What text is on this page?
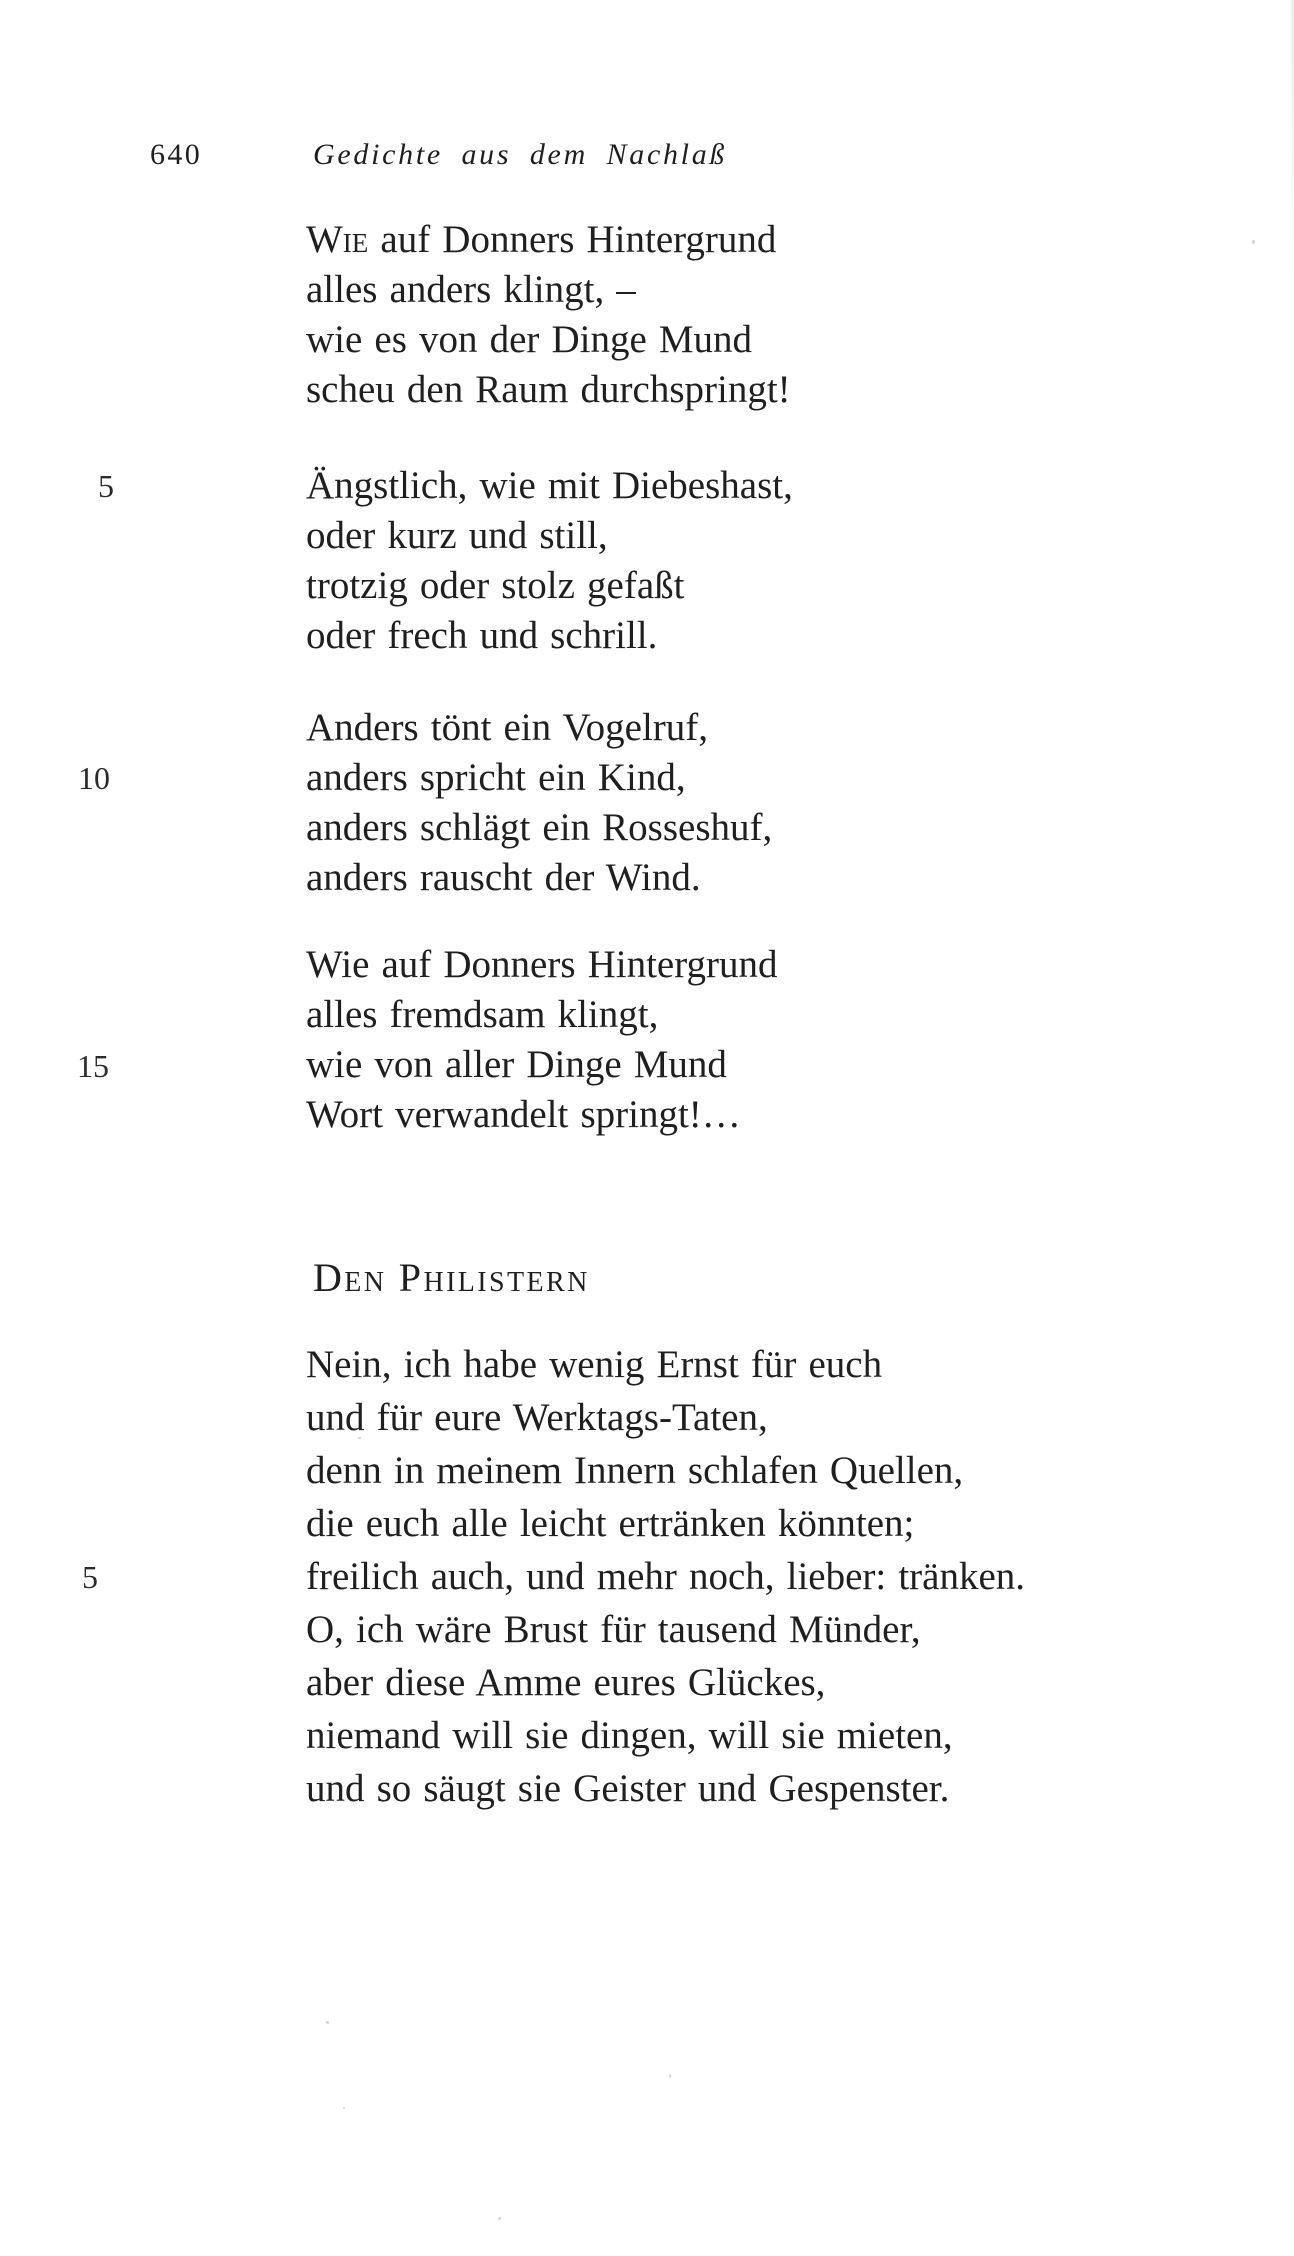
640	Gedichte aus dem Nachlaß
5
10
15
5
Wie auf Donners Hintergrund
alles anders klingt, –
wie es von der Dinge Mund
scheu den Raum durchspringt!
Ängstlich, wie mit Diebeshast,
oder kurz und still,
trotzig oder stolz gefaßt
oder frech und schrill.
Anders tönt ein Vogelruf,
anders spricht ein Kind,
anders schlägt ein Rosseshuf,
anders rauscht der Wind.
Wie auf Donners Hintergrund
alles fremdsam klingt,
wie von aller Dinge Mund
Wort verwandelt springt!…
Den Philistern
Nein, ich habe wenig Ernst für euch
und für eure Werktags-Taten,
denn in meinem Innern schlafen Quellen,
die euch alle leicht ertränken könnten;
freilich auch, und mehr noch, lieber: tränken.
O, ich wäre Brust für tausend Münder,
aber diese Amme eures Glückes,
niemand will sie dingen, will sie mieten,
und so säugt sie Geister und Gespenster.
